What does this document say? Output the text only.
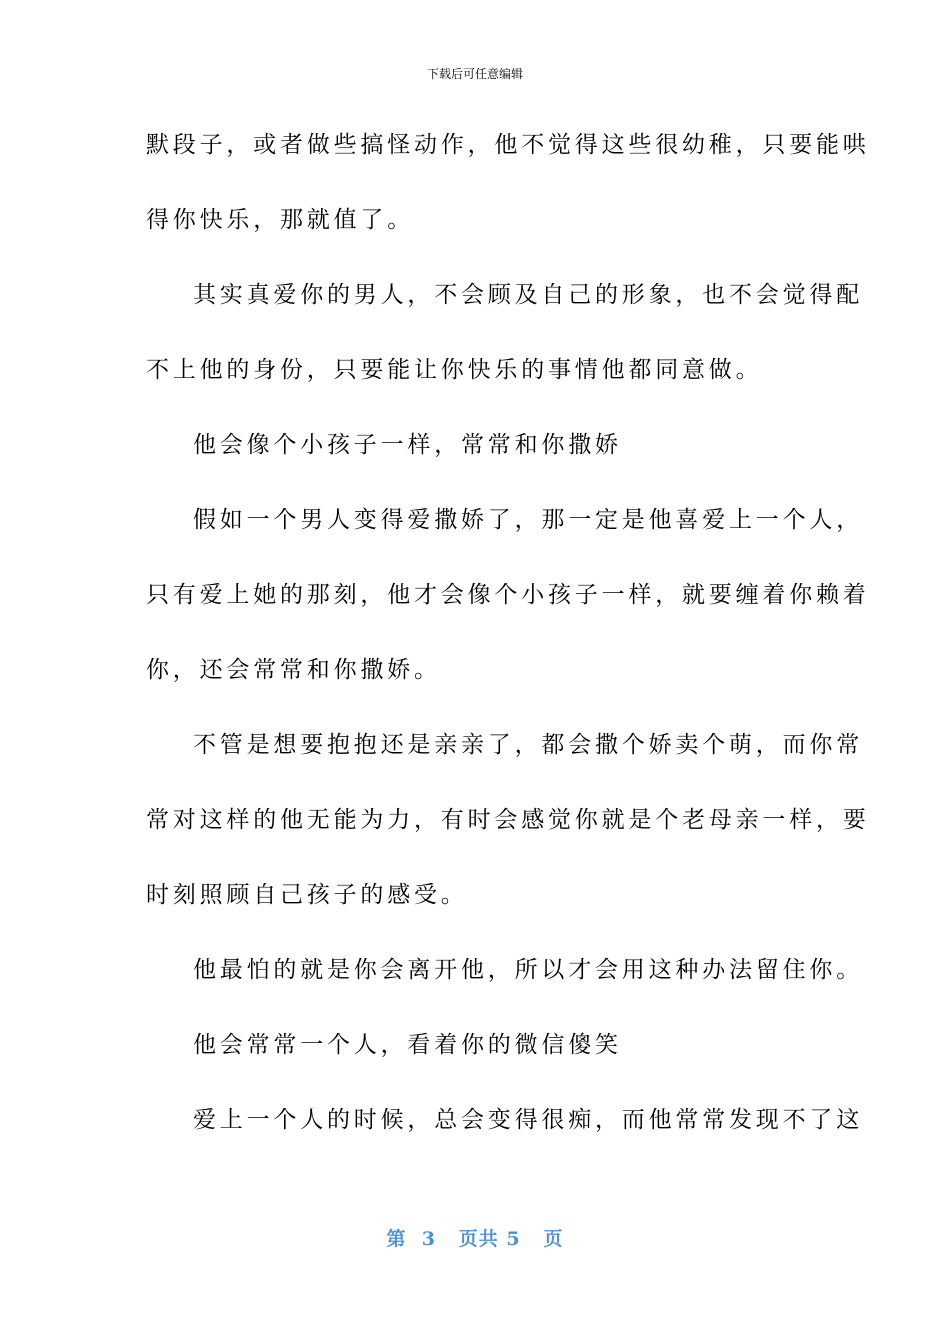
下载后可任意编辑
默段子，或者做些搞怪动作，他不觉得这些很幼稚，只要能哄
得你快乐，那就值了。
其实真爱你的男人，不会顾及自己的形象，也不会觉得配
不上他的身份，只要能让你快乐的事情他都同意做。
他会像个小孩子一样，常常和你撒娇
假如一个男人变得爱撒娇了，那一定是他喜爱上一个人，
只有爱上她的那刻，他才会像个小孩子一样，就要缠着你赖着
你，还会常常和你撒娇。
不管是想要抱抱还是亲亲了，都会撒个娇卖个萌，而你常
常对这样的他无能为力，有时会感觉你就是个老母亲一样，要
时刻照顾自己孩子的感受。
他最怕的就是你会离开他，所以才会用这种办法留住你。
他会常常一个人，看着你的微信傻笑
爱上一个人的时候，总会变得很痴，而他常常发现不了这
第  3   页共 5   页
